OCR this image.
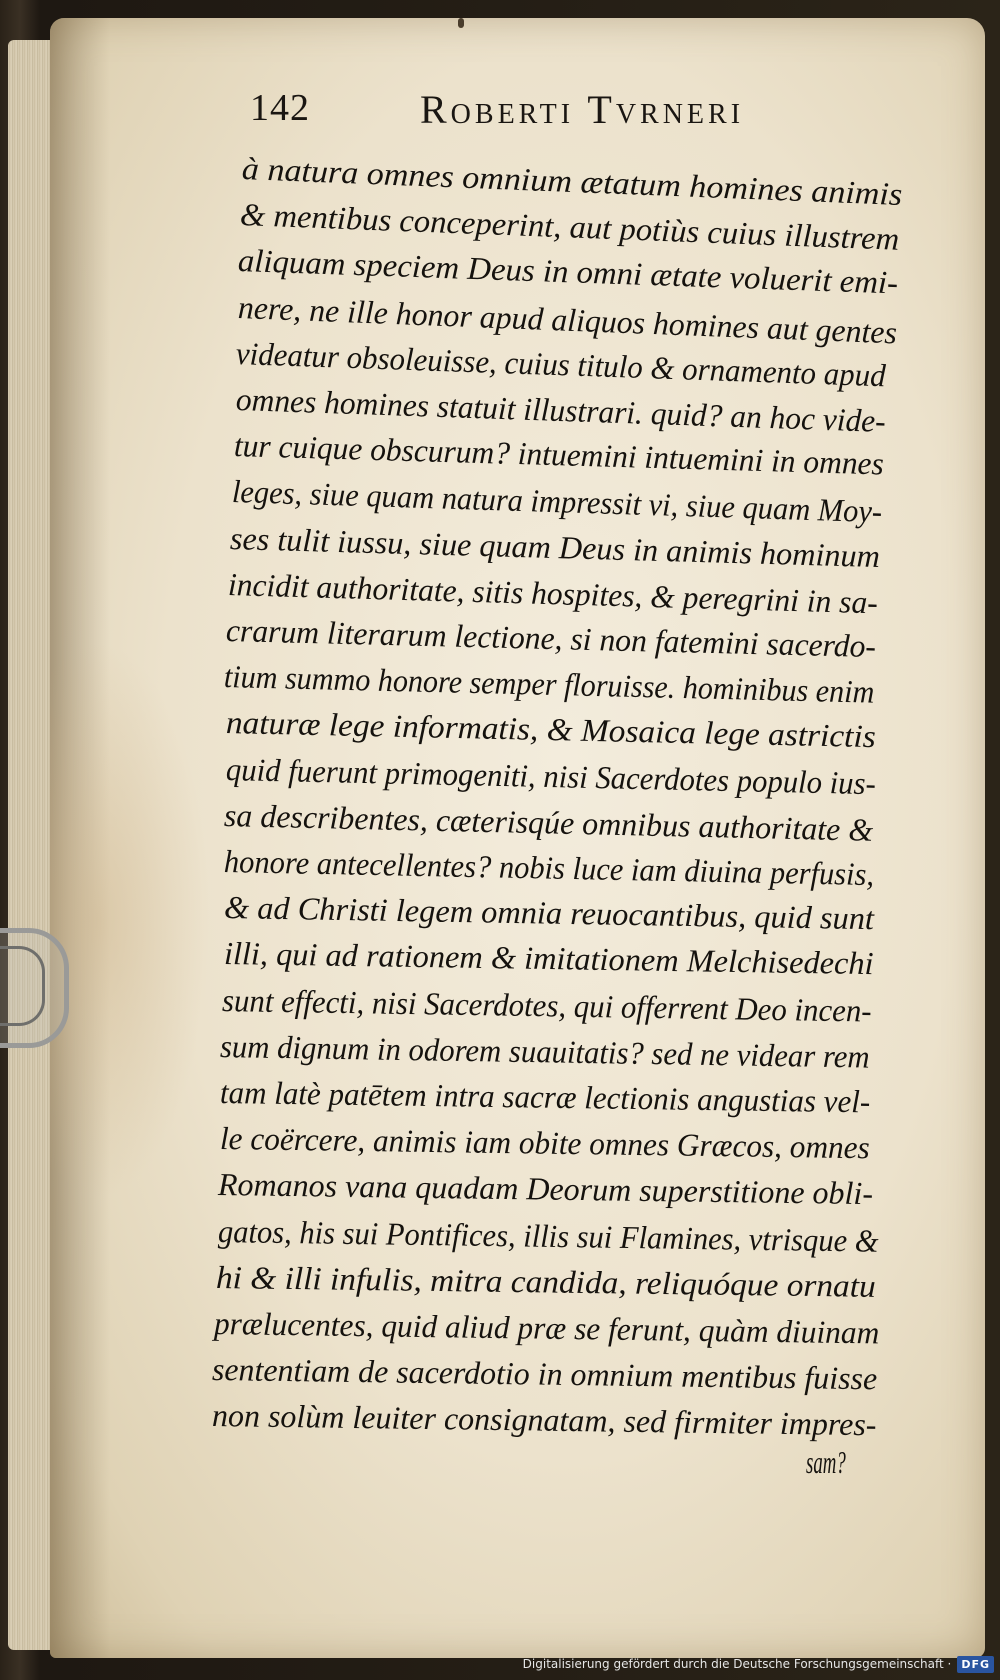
142	Roberti Tvrneri
à natura omnes omnium ætatum homines animis
& mentibus conceperint, aut potiùs cuius illustrem
aliquam speciem Deus in omni ætate voluerit emi-
nere, ne ille honor apud aliquos homines aut gentes
videatur obsoleuisse, cuius titulo & ornamento apud
omnes homines statuit illustrari. quid? an hoc vide-
tur cuique obscurum? intuemini intuemini in omnes
leges, siue quam natura impressit vi, siue quam Moy-
ses tulit iussu, siue quam Deus in animis hominum
incidit authoritate, sitis hospites, & peregrini in sa-
crarum literarum lectione, si non fatemini sacerdo-
tium summo honore semper floruisse. hominibus enim
naturæ lege informatis, & Mosaica lege astrictis
quid fuerunt primogeniti, nisi Sacerdotes populo ius-
sa describentes, cæterisqúe omnibus authoritate &
honore antecellentes? nobis luce iam diuina perfusis,
& ad Christi legem omnia reuocantibus, quid sunt
illi, qui ad rationem & imitationem Melchisedechi
sunt effecti, nisi Sacerdotes, qui offerrent Deo incen-
sum dignum in odorem suauitatis? sed ne videar rem
tam latè patētem intra sacræ lectionis angustias vel-
le coërcere, animis iam obite omnes Græcos, omnes
Romanos vana quadam Deorum superstitione obli-
gatos, his sui Pontifices, illis sui Flamines, vtrisque &
hi & illi infulis, mitra candida, reliquóque ornatu
prælucentes, quid aliud præ se ferunt, quàm diuinam
sententiam de sacerdotio in omnium mentibus fuisse
non solùm leuiter consignatam, sed firmiter impres-
sam?
Digitalisierung gefördert durch die Deutsche Forschungsgemeinschaft · DFG
